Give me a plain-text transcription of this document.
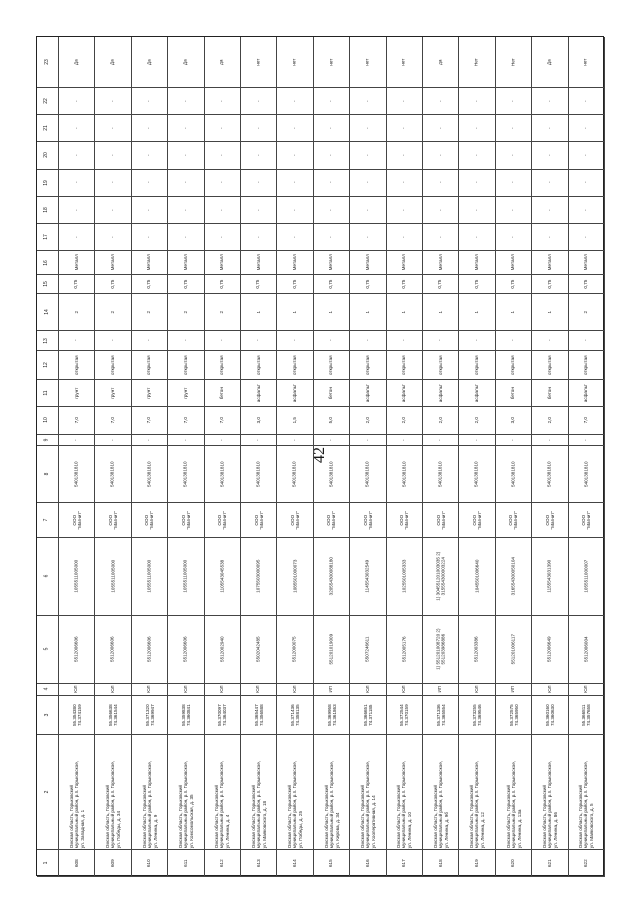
42
1
2
3
4
5
6
7
8
9
10
11
12
13
14
15
16
17
18
19
20
21
22
23
608
Омская область, Горьковский
муниципальный район, р.п. Горьковское,
ул. Западная, д. 1
55.354380
74.374159
ЮЛ
5512006606
1055511005000
ООО
"Магнит"
5401381810
-
7,0
грунт
открытая
-
2
0,75
Металл
-
-
-
-
-
-
Да
609
Омская область, Горьковский
муниципальный район, р.п. Горьковское,
ул. Победы, д. 34
55.356638
74.361544
ЮЛ
5512006606
1055511005000
ООО
"Магнит"
5401381810
-
7,0
грунт
открытая
-
2
0,75
Металл
-
-
-
-
-
-
Да
610
Омская область, Горьковский
муниципальный район, р.п. Горьковское,
ул. Ленина, д. 9
55.371320
74.369947
ЮЛ
5512006606
1055511005000
ООО
"Магнит"
5401381810
-
7,0
грунт
открытая
-
2
0,75
Металл
-
-
-
-
-
-
Да
611
Омская область, Горьковский
муниципальный район, р.п. Горьковское,
ул. Комсомольская, д. 35
55.359838
74.360841
ЮЛ
5512006606
1055511005000
ООО
"Магнит"
5401381810
-
7,0
грунт
открытая
-
2
0,75
Металл
-
-
-
-
-
-
Да
612
Омская область, Горьковский
муниципальный район, р.п. Горьковское,
ул. Ленина, д. 4
55.370097
74.364037
ЮЛ
5512002940
1105543045538
ООО
"Магнит"
5401381810
-
7,0
бетон
открытая
-
2
0,75
Металл
-
-
-
-
-
-
да
613
Омская область, Горьковский
муниципальный район, р.п. Горьковское,
ул. Маяковского, д. 18
55.365447
74.356588
ЮЛ
5502042485
1075503000095
ООО
"Магнит"
5401381810
-
3,0
асфальт
открытая
-
1
0,75
Металл
-
-
-
-
-
-
нет
614
Омская область, Горьковский
муниципальный район, р.п. Горьковское,
ул. Победы, д. 25
55.371436
74.358135
ЮЛ
5512000075
1085501000073
ООО
"Магнит"
5401381810
-
1,5
асфальт
открытая
-
1
0,75
Металл
-
-
-
-
-
-
нет
615
Омская область, Горьковский
муниципальный район, р.п. Горьковское,
ул. Кирова, д. 34
55.369958
74.361863
ИП
551201019009
320554300088180
ООО
"Магнит"
5401381810
-
5,0
бетон
открытая
-
1
0,75
Металл
-
-
-
-
-
-
нет
616
Омская область, Горьковский
муниципальный район, р.п. Горьковское,
ул. Кооперативная, д. 14
55.366651
74.371185
ЮЛ
5507246611
1145543032549
ООО
"Магнит"
5401381810
-
2,0
асфальт
открытая
-
1
0,75
Металл
-
-
-
-
-
-
нет
617
Омская область, Горьковский
муниципальный район, р.п. Горьковское,
ул. Ленина, д. 10
55.372544
74.370159
ЮЛ
5512005176
1025501005333
ООО
"Магнит"
5401381810
-
2,0
асфальт
открытая
-
1
0,75
Металл
-
-
-
-
-
-
нет
618
Омская область, Горьковский
муниципальный район, р.п. Горьковское,
ул. Ленина, д. 9б
55.371336
74.365554
ИП
1) 551201008720 2) 551203986886
1) 304551201003035 2) 315554300003224
ООО
"Магнит"
5401381810
-
2,0
асфальт
открытая
-
1
0,75
Металл
-
-
-
-
-
-
да
619
Омская область, Горьковский
муниципальный район, р.п. Горьковское,
ул. Ленина, д. 12
55.373255
74.369546
ЮЛ
5512003386
1045501006640
ООО
"Магнит"
5401381810
-
2,0
асфальт
открытая
-
1
0,75
Металл
-
-
-
-
-
-
Нет
620
Омская область, Горьковский
муниципальный район, р.п. Горьковское,
ул. Ленина, д. 13а
55.372575
74.365950
ИП
551201006117
316554300050104
ООО
"Магнит"
5401381810
-
3,0
бетон
открытая
-
1
0,75
Металл
-
-
-
-
-
-
Нет
621
Омская область, Горьковский
муниципальный район, р.п. Горьковское,
ул. Ленина, д. 86
55.360160
74.360630
ЮЛ
5512006649
1155543031390
ООО
"Магнит"
5401381810
-
2,0
бетон
открытая
-
1
0,75
Металл
-
-
-
-
-
-
Да
622
Омская область, Горьковский
муниципальный район, р.п. Горьковское,
ул. Маяковского, д. 5
55.366811
74.357658
ЮЛ
5512006004
1055511000007
ООО
"Магнит"
5401381810
-
7,0
асфальт
открытая
-
2
0,75
Металл
-
-
-
-
-
-
нет
